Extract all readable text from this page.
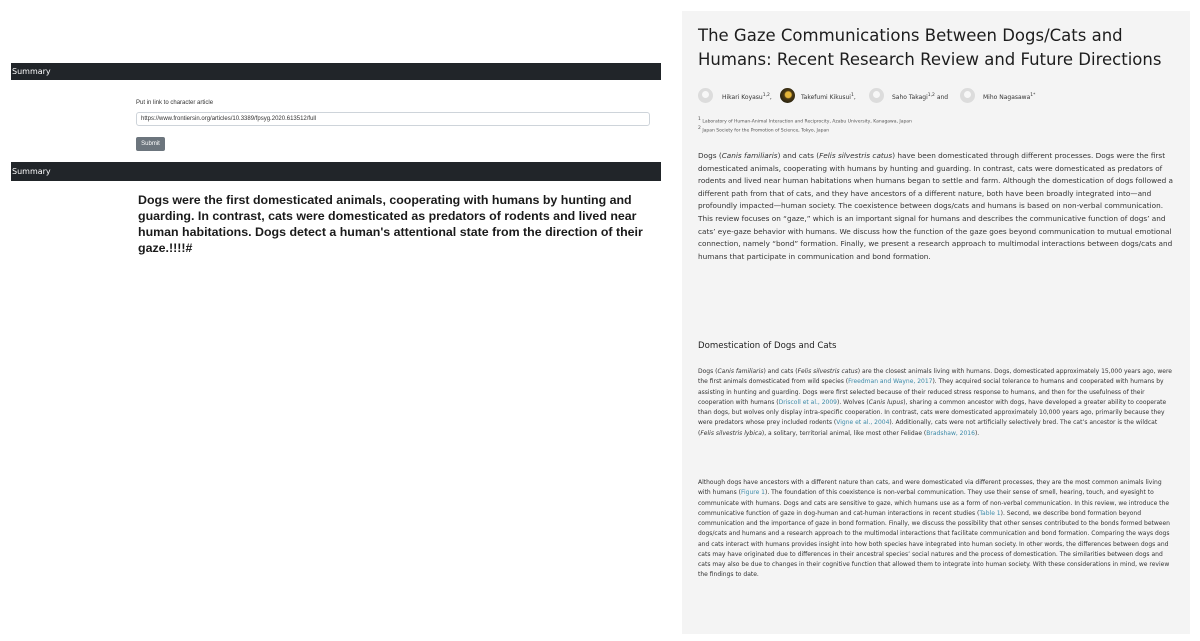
Summary
Put in link to character article
https://www.frontiersin.org/articles/10.3389/fpsyg.2020.613512/full
Submit
Summary
Dogs were the first domesticated animals, cooperating with humans by hunting and guarding. In contrast, cats were domesticated as predators of rodents and lived near human habitations. Dogs detect a human's attentional state from the direction of their gaze.!!!!#
The Gaze Communications Between Dogs/Cats and Humans: Recent Research Review and Future Directions
Hikari Koyasu$^{1,2}$,	Takefumi Kikusui$^1$,	Saho Takagi$^{1,2}$ and	Miho Nagasawa$^{1*}$
1 Laboratory of Human-Animal Interaction and Reciprocity, Azabu University, Kanagawa, Japan
2 Japan Society for the Promotion of Science, Tokyo, Japan
Dogs (Canis familiaris) and cats (Felis silvestris catus) have been domesticated through different processes. Dogs were the first domesticated animals, cooperating with humans by hunting and guarding. In contrast, cats were domesticated as predators of rodents and lived near human habitations when humans began to settle and farm. Although the domestication of dogs followed a different path from that of cats, and they have ancestors of a different nature, both have been broadly integrated into—and profoundly impacted—human society. The coexistence between dogs/cats and humans is based on non-verbal communication. This review focuses on “gaze,” which is an important signal for humans and describes the communicative function of dogs’ and cats’ eye-gaze behavior with humans. We discuss how the function of the gaze goes beyond communication to mutual emotional connection, namely “bond” formation. Finally, we present a research approach to multimodal interactions between dogs/cats and humans that participate in communication and bond formation.
Domestication of Dogs and Cats
Dogs (Canis familiaris) and cats (Felis silvestris catus) are the closest animals living with humans. Dogs, domesticated approximately 15,000 years ago, were the first animals domesticated from wild species (Freedman and Wayne, 2017). They acquired social tolerance to humans and cooperated with humans by assisting in hunting and guarding. Dogs were first selected because of their reduced stress response to humans, and then for the usefulness of their cooperation with humans (Driscoll et al., 2009). Wolves (Canis lupus), sharing a common ancestor with dogs, have developed a greater ability to cooperate than dogs, but wolves only display intra-specific cooperation. In contrast, cats were domesticated approximately 10,000 years ago, primarily because they were predators whose prey included rodents (Vigne et al., 2004). Additionally, cats were not artificially selectively bred. The cat’s ancestor is the wildcat (Felis silvestris lybica), a solitary, territorial animal, like most other Felidae (Bradshaw, 2016).
Although dogs have ancestors with a different nature than cats, and were domesticated via different processes, they are the most common animals living with humans (Figure 1). The foundation of this coexistence is non-verbal communication. They use their sense of smell, hearing, touch, and eyesight to communicate with humans. Dogs and cats are sensitive to gaze, which humans use as a form of non-verbal communication. In this review, we introduce the communicative function of gaze in dog-human and cat-human interactions in recent studies (Table 1). Second, we describe bond formation beyond communication and the importance of gaze in bond formation. Finally, we discuss the possibility that other senses contributed to the bonds formed between dogs/cats and humans and a research approach to the multimodal interactions that facilitate communication and bond formation. Comparing the ways dogs and cats interact with humans provides insight into how both species have integrated into human society. In other words, the differences between dogs and cats may have originated due to differences in their ancestral species’ social natures and the process of domestication. The similarities between dogs and cats may also be due to changes in their cognitive function that allowed them to integrate into human society. With these considerations in mind, we review the findings to date.
